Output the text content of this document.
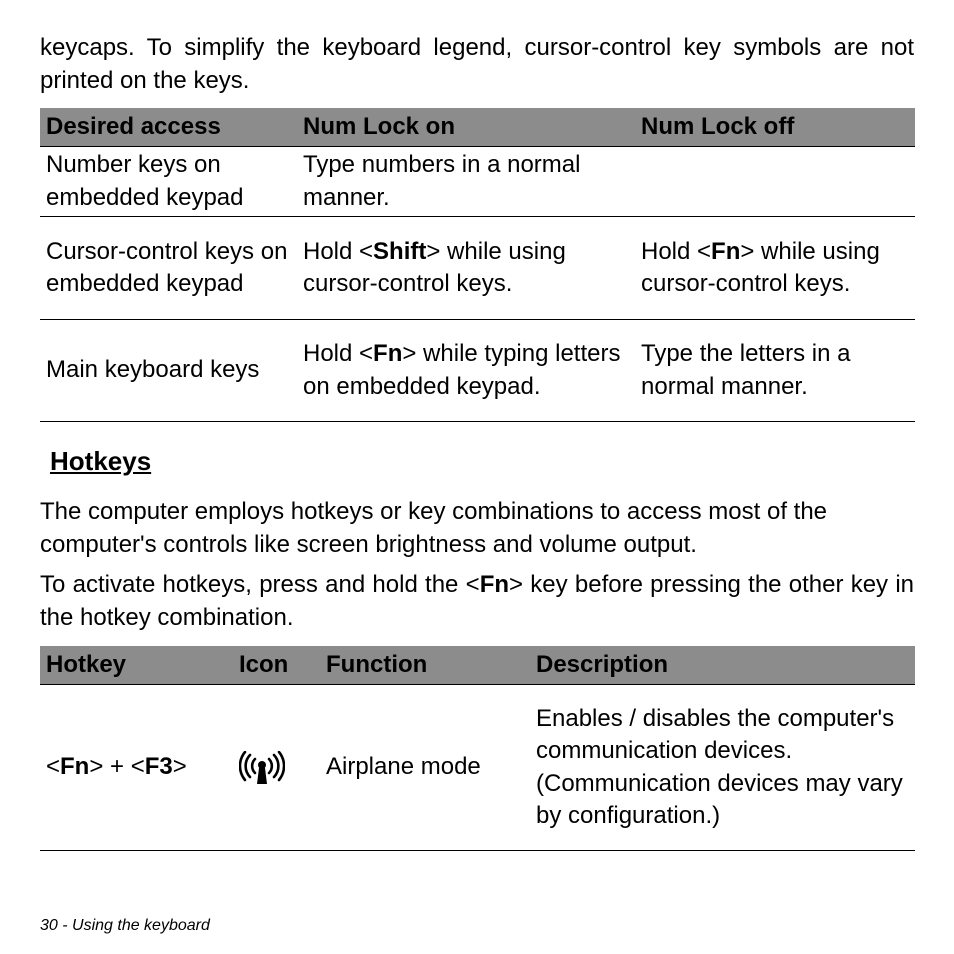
keycaps. To simplify the keyboard legend, cursor-control key symbols are not printed on the keys.

Desired access	Num Lock on	Num Lock off
Number keys on embedded keypad	Type numbers in a normal manner.	
Cursor-control keys on embedded keypad	Hold <Shift> while using cursor-control keys.	Hold <Fn> while using cursor-control keys.
Main keyboard keys	Hold <Fn> while typing letters on embedded keypad.	Type the letters in a normal manner.
Hotkeys

The computer employs hotkeys or key combinations to access most of the computer's controls like screen brightness and volume output.

To activate hotkeys, press and hold the <Fn> key before pressing the other key in the hotkey combination.

Hotkey	Icon	Function	Description
<Fn> + <F3>		Airplane mode	Enables / disables the computer's communication devices. (Communication devices may vary by configuration.)
30 - Using the keyboard
